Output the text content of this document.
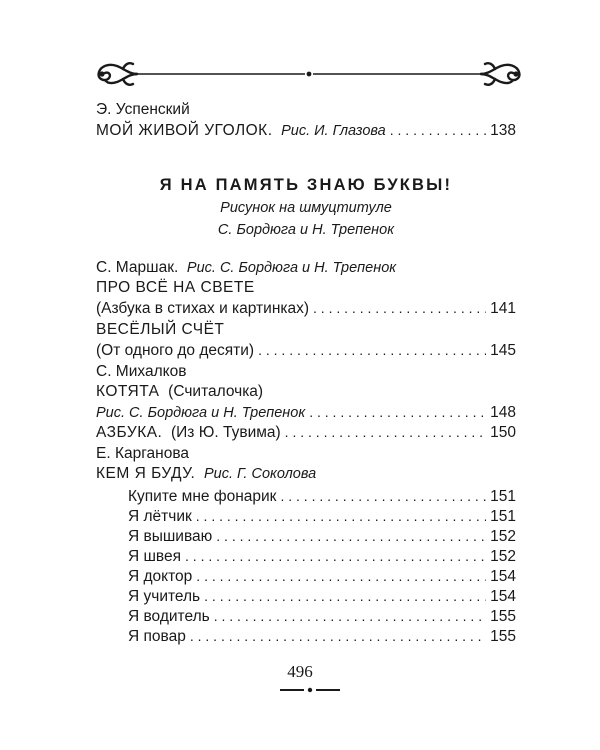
Э. Успенский
МОЙ ЖИВОЙ УГОЛОК. Рис. И. Глазова . . .	138
Я НА ПАМЯТЬ ЗНАЮ БУКВЫ!
Рисунок на шмуцтитуле
С. Бордюга и Н. Трепенок
С. Маршак. Рис. С. Бордюга и Н. Трепенок
ПРО ВСЁ НА СВЕТЕ
(Азбука в стихах и картинках) . . .	141
ВЕСЁЛЫЙ СЧЁТ
(От одного до десяти) . . .	145
С. Михалков
КОТЯТА (Считалочка)
Рис. С. Бордюга и Н. Трепенок . . .	148
АЗБУКА. (Из Ю. Тувима) . . .	150
Е. Карганова
КЕМ Я БУДУ. Рис. Г. Соколова
Купите мне фонарик . . .	151
Я лётчик . . .	151
Я вышиваю . . .	152
Я швея . . .	152
Я доктор . . .	154
Я учитель . . .	154
Я водитель . . .	155
Я повар . . .	155
496
